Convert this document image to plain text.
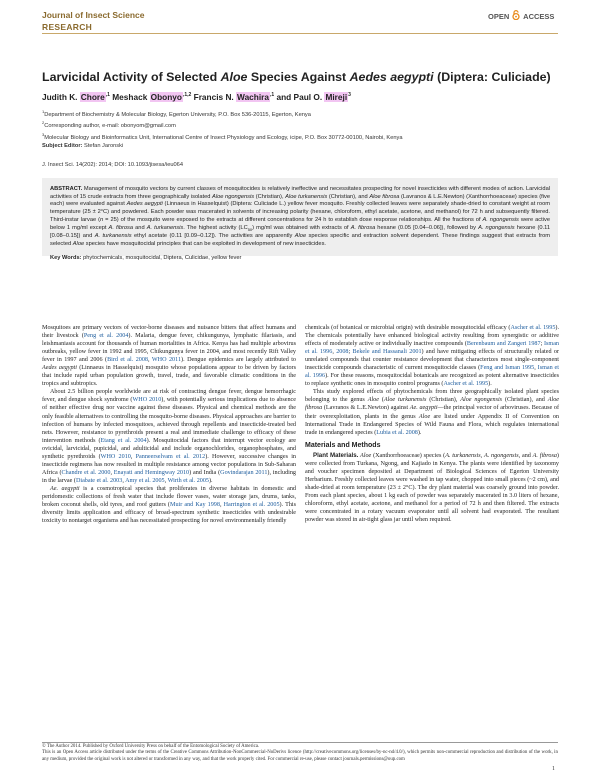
Journal of Insect Science
RESEARCH
OPEN ACCESS
Larvicidal Activity of Selected Aloe Species Against Aedes aegypti (Diptera: Culiciade)
Judith K. Chore$^{,1}$ Meshack Obonyo$^{,1,2}$ Francis N. Wachira$^{,1}$ and Paul O. Mireji$^3$
$^1$Department of Biochemistry & Molecular Biology, Egerton University, P.O. Box 536-20115, Egerton, Kenya
$^2$Corresponding author, e-mail: obonyom@gmail.com
$^3$Molecular Biology and Bioinformatics Unit, International Centre of Insect Physiology and Ecology, icipe, P.O. Box 30772-00100, Nairobi, Kenya
Subject Editor: Stefan Jaronski
J. Insect Sci. 14(202): 2014; DOI: 10.1093/jisesa/ieu064

ABSTRACT. Management of mosquito vectors by current classes of mosquitocides is relatively ineffective and necessitates prospecting for novel insecticides with different modes of action. Larvicidal activities of 15 crude extracts from three geographically isolated Aloe ngongensis (Christian), Aloe turkanensis (Christian), and Aloe fibrosa (Lavranos & L.E.Newton) (Xanthorrhoeaceae) species (five each) were evaluated against Aedes aegypti (Linnaeus in Hasselquist) (Diptera: Culiciade L.) yellow fever mosquito. Freshly collected leaves were separately shade-dried to constant weight at room temperature (25 ± 2°C) and powdered. Each powder was macerated in solvents of increasing polarity (hexane, chloroform, ethyl acetate, acetone, and methanol) for 72 h and subsequently filtered. Third-instar larvae (n = 25) of the mosquito were exposed to the extracts at different concentrations for 24 h to establish dose response relationships. All the fractions of A. ngongensis were active below 1 mg/ml except A. fibrosa and A. turkanensis. The highest activity $(LC_{50})$ mg/ml was obtained with extracts of A. fibrosa hexane (0.05 [0.04–0.06]), followed by A. ngongensis hexane (0.11 [0.08–0.15]) and A. turkanensis ethyl acetate (0.11 [0.09–0.12]). The activities are apparently Aloe species specific and extraction solvent dependent. These findings suggest that extracts from selected Aloe species have mosquitocidal principles that can be exploited in development of new insecticides.

Key Words: phytochemicals, mosquitocidal, Diptera, Culicidae, yellow fever

Mosquitoes are primary vectors of vector-borne diseases and nuisance bitters that affect humans and their livestock (Peng et al. 2004). Malaria, dengue fever, chikungunya, lymphatic filariasis, and leishmaniasis account for thousands of human mortalities in Africa. Kenya has had multiple arbovirus outbreaks, yellow fever in 1992 and 1995, Chikungunya fever in 2004, and most recently Rift Valley fever in 1997 and 2006 (Bird et al. 2008, WHO 2011). Dengue epidemics are largely attributed to Aedes aegypti (Linnaeus in Hasselquist) mosquito whose populations appear to be driven by factors that include rapid urban population growth, travel, trade, and favorable climatic conditions in the tropics and subtropics.

About 2.5 billion people worldwide are at risk of contracting dengue fever, dengue hemorrhagic fever, and dengue shock syndrome (WHO 2010), with potentially serious implications due to absence of neither effective drug nor vaccine against these diseases. Physical and chemical methods are the only feasible alternatives to controlling the mosquito-borne diseases. Physical approaches are barrier to infection of humans by infected mosquitoes, achieved through repellents and insecticide-treated bed nets. However, resistance to pyrethroids present a real and immediate challenge to efficacy of these intervention methods (Etang et al. 2004). Mosquitocidal factors that interrupt vector ecology are ovicidal, larvicidal, pupicidal, and adulticidal and include organochlorides, organophosphates, and synthetic pyrethroids (WHO 2010, Panneerselvam et al. 2012). However, successive changes in insecticide regimens has now resulted in multiple resistance among vector populations in Sub-Saharan Africa (Chandre et al. 2000, Enayati and Hemingway 2010) and India (Govindarajan 2011), including in the larvae (Diabate et al. 2003, Amy et al. 2005, Wirth et al. 2005).

Ae. aegypti is a cosmotropical species that proliferates in diverse habitats in domestic and peridomestic collections of fresh water that include flower vases, water storage jars, drums, tanks, broken coconut shells, old tyres, and roof gutters (Muir and Kay 1998, Harrington et al. 2005). This diversity limits application and efficacy of broad-spectrum synthetic insecticides with undesirable toxicity to nontarget organisms and has necessitated prospecting for novel environmentally friendly

chemicals (of botanical or microbial origin) with desirable mosquitocidal efficacy (Ascher et al. 1995). The chemicals potentially have enhanced biological activity resulting from synergistic or additive effects of moderately active or individually inactive compounds (Berenbaum and Zangeri 1987; Isman et al. 1996, 2008; Bekele and Hassanali 2001) and have mitigating effects of structurally related or unrelated compounds that counter resistance development that characterizes most single-component insecticide compounds characteristic of current mosquitocide classes (Feng and Isman 1995, Isman et al. 1996). For these reasons, mosquitocidal botanicals are recognized as potent alternative insecticides to replace synthetic ones in mosquito control programs (Ascher et al. 1995).

This study explored effects of phytochemicals from three geographically isolated plant species belonging to the genus Aloe (Aloe turkanensis (Christian), Aloe ngongensis (Christian), and Aloe fibrosa (Lavranos & L.E.Newton) against Ae. aegypti—the principal vector of arboviruses. Because of their overexploitation, plants in the genus Aloe are listed under Appendix II of Convention on International Trade in Endangered Species of Wild Fauna and Flora, which regulates international trade in endangered species (Lubia et al. 2008).

Materials and Methods

Plant Materials. Aloe (Xanthorrhoeaceae) species (A. turkanensis, A. ngongensis, and A. fibrosa) were collected from Turkana, Ngong, and Kajiado in Kenya. The plants were identified by taxonomy and voucher specimen deposited at Department of Biological Sciences of Egerton University Herbarium. Freshly collected leaves were washed in tap water, chopped into small pieces (~2 cm), and shade-dried at room temperature (23 ± 2°C). The dry plant material was coarsely ground into powder. From each plant species, about 1 kg each of powder was separately macerated in 3.0 liters of hexane, chloroform, ethyl acetate, acetone, and methanol for a period of 72 h and then filtered. The extracts were concentrated in a rotary vacuum evaporator until all solvent had evaporated. The resultant powder was stored in air-tight glass jar until when required.

© The Author 2014. Published by Oxford University Press on behalf of the Entomological Society of America.

This is an Open Access article distributed under the terms of the Creative Commons Attribution-NonCommercial-NoDerivs licence (http://creativecommons.org/licenses/by-nc-nd/4.0/), which permits non-commercial reproduction and distribution of the work, in any medium, provided the original work is not altered or transformed in any way, and that the work properly cited. For commercial re-use, please contact journals.permissions@oup.com

1
